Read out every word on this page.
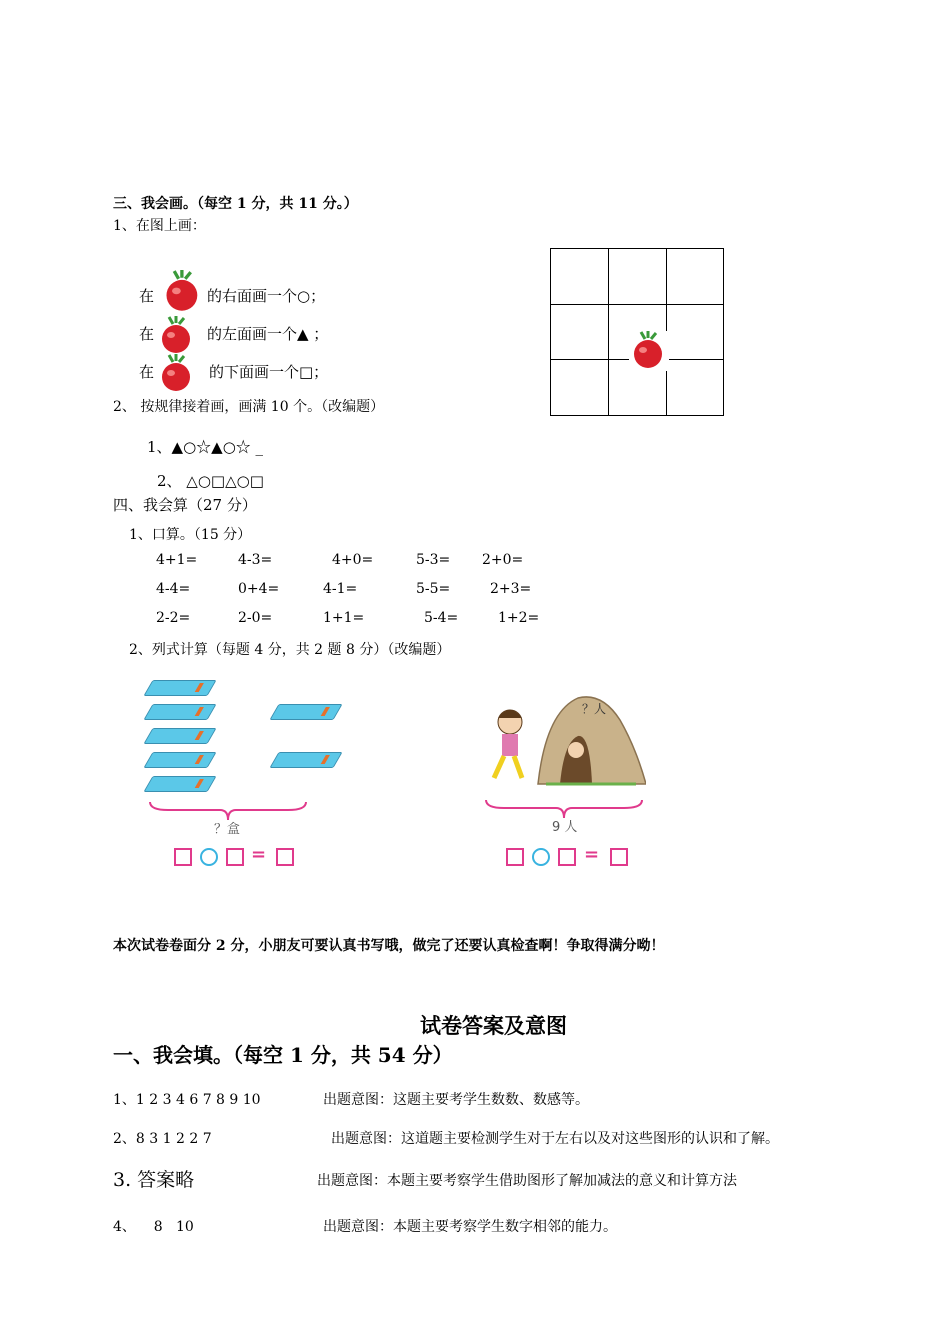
三、我会画。（每空 1 分，共 11 分。）
1、在图上画：
在	的右面画一个○；
在	的左面画一个▲ ；
在	的下面画一个□；
2、 按规律接着画，画满 10 个。（改编题）
1、▲○☆▲○☆ _
2、 △○□△○□
四、我会算（27 分）
1、口算。（15 分）
4+1=	4-3=	4+0=	5-3= 2+0=
4-4=	0+4=	4-1=	5-5=	2+3=
2-2=	2-0=	1+1=	5-4=	1+2=
2、列式计算（每题 4 分，共 2 题 8 分）（改编题）
？盒
=
？人
9 人
=
本次试卷卷面分 2 分，小朋友可要认真书写哦，做完了还要认真检查啊！争取得满分呦！
试卷答案及意图
一、我会填。（每空 1 分，共 54 分）
1、1 2 3 4 6 7 8 9 10	出题意图：这题主要考学生数数、数感等。
2、8 3 1 2 2 7	出题意图：这道题主要检测学生对于左右以及对这些图形的认识和了解。
3. 答案略	出题意图：本题主要考察学生借助图形了解加减法的意义和计算方法
4、    8   10	出题意图：本题主要考察学生数字相邻的能力。
